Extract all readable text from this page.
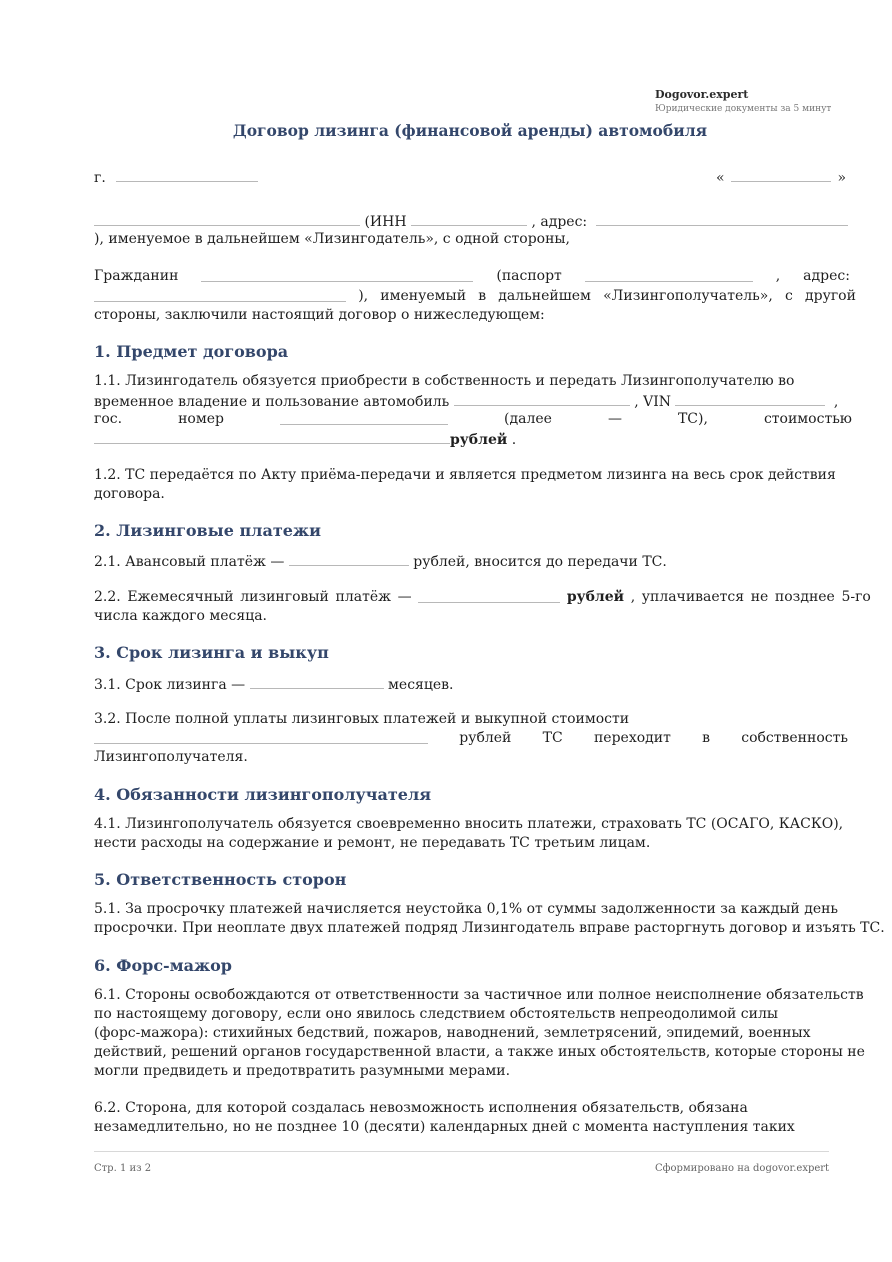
Dogovor.expert
Юридические документы за 5 минут
Договор лизинга (финансовой аренды) автомобиля
г.	«	»
(ИНН	, адрес:
), именуемое в дальнейшем «Лизингодатель», с одной стороны,
Гражданин	(паспорт	, адрес:
), именуемый в дальнейшем «Лизингополучатель», с другой
стороны, заключили настоящий договор о нижеследующем:
1. Предмет договора
1.1. Лизингодатель обязуется приобрести в собственность и передать Лизингополучателю во
временное владение и пользование автомобиль	, VIN	,
гос.	номер	(далее	—	ТС),	стоимостью
рублей .
1.2. ТС передаётся по Акту приёма-передачи и является предметом лизинга на весь срок действия
договора.
2. Лизинговые платежи
2.1. Авансовый платёж —	рублей, вносится до передачи ТС.
2.2. Ежемесячный лизинговый платёж —	рублей , уплачивается не позднее 5-го
числа каждого месяца.
3. Срок лизинга и выкуп
3.1. Срок лизинга —	месяцев.
3.2. После полной уплаты лизинговых платежей и выкупной стоимости
рублей ТС переходит в собственность
Лизингополучателя.
4. Обязанности лизингополучателя
4.1. Лизингополучатель обязуется своевременно вносить платежи, страховать ТС (ОСАГО, КАСКО),
нести расходы на содержание и ремонт, не передавать ТС третьим лицам.
5. Ответственность сторон
5.1. За просрочку платежей начисляется неустойка 0,1% от суммы задолженности за каждый день
просрочки. При неоплате двух платежей подряд Лизингодатель вправе расторгнуть договор и изъять ТС.
6. Форс-мажор
6.1. Стороны освобождаются от ответственности за частичное или полное неисполнение обязательств
по настоящему договору, если оно явилось следствием обстоятельств непреодолимой силы
(форс-мажора): стихийных бедствий, пожаров, наводнений, землетрясений, эпидемий, военных
действий, решений органов государственной власти, а также иных обстоятельств, которые стороны не
могли предвидеть и предотвратить разумными мерами.
6.2. Сторона, для которой создалась невозможность исполнения обязательств, обязана
незамедлительно, но не позднее 10 (десяти) календарных дней с момента наступления таких
Стр. 1 из 2	Сформировано на dogovor.expert
